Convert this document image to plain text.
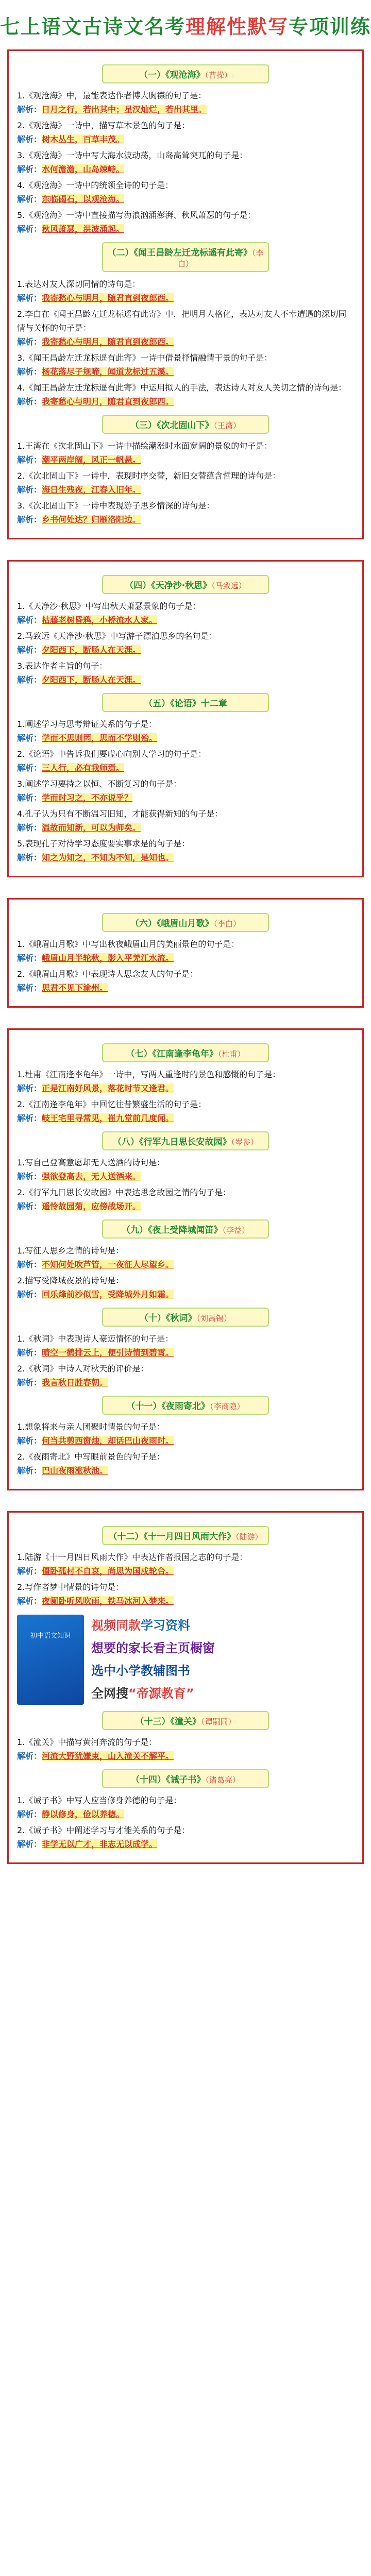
七上语文 古诗文名考 理解性默写 专项训练
（一）《观沧海》（曹操）

1.《观沧海》中，最能表达作者博大胸襟的句子是：

解析：日月之行，若出其中；星汉灿烂，若出其里。

2.《观沧海》一诗中，描写草木景色的句子是：

解析：树木丛生，百草丰茂。

3.《观沧海》一诗中写大海水波动荡，山岛高耸突兀的句子是：

解析：水何澹澹，山岛竦峙。

4.《观沧海》一诗中的统领全诗的句子是：

解析：东临碣石，以观沧海。

5.《观沧海》一诗中直接描写海浪汹涌澎湃、秋风萧瑟的句子是：

解析：秋风萧瑟，洪波涌起。

（二）《闻王昌龄左迁龙标遥有此寄》（李白）

1.表达对友人深切同情的诗句是：

解析：我寄愁心与明月，随君直到夜郎西。

2.李白在《闻王昌龄左迁龙标遥有此寄》中，把明月人格化，表达对友人不幸遭遇的深切同情与关怀的句子是：

解析：我寄愁心与明月，随君直到夜郎西。

3.《闻王昌龄左迁龙标遥有此寄》一诗中借景抒情融情于景的句子是：

解析：杨花落尽子规啼，闻道龙标过五溪。

4.《闻王昌龄左迁龙标遥有此寄》中运用拟人的手法，表达诗人对友人关切之情的诗句是：

解析：我寄愁心与明月，随君直到夜郎西。

（三）《次北固山下》（王湾）

1.王湾在《次北固山下》一诗中描绘潮涨时水面宽阔的景象的句子是：

解析：潮平两岸阔，风正一帆悬。

2.《次北固山下》一诗中，表现时序交替，新旧交替蕴含哲理的诗句是：

解析：海日生残夜，江春入旧年。

3.《次北固山下》一诗中表现游子思乡情深的诗句是：

解析：乡书何处达？归雁洛阳边。

（四）《天净沙·秋思》（马致远）

1.《天净沙·秋思》中写出秋天萧瑟景象的句子是：

解析：枯藤老树昏鸦，小桥流水人家。

2.马致远《天净沙·秋思》中写游子漂泊思乡的名句是：

解析：夕阳西下，断肠人在天涯。

3.表达作者主旨的句子：

解析：夕阳西下，断肠人在天涯。

（五）《论语》十二章

1.阐述学习与思考辩证关系的句子是：

解析：学而不思则罔，思而不学则殆。

2.《论语》中告诉我们要虚心向别人学习的句子是：

解析：三人行，必有我师焉。

3.阐述学习要持之以恒、不断复习的句子是：

解析：学而时习之，不亦说乎？

4.孔子认为只有不断温习旧知，才能获得新知的句子是：

解析：温故而知新，可以为师矣。

5.表现孔子对待学习态度要实事求是的句子是：

解析：知之为知之，不知为不知，是知也。

（六）《峨眉山月歌》（李白）

1.《峨眉山月歌》中写出秋夜峨眉山月的美丽景色的句子是：

解析：峨眉山月半轮秋，影入平羌江水流。

2.《峨眉山月歌》中表现诗人思念友人的句子是：

解析：思君不见下渝州。

（七）《江南逢李龟年》（杜甫）

1.杜甫《江南逢李龟年》一诗中，写两人重逢时的景色和感慨的句子是：

解析：正是江南好风景，落花时节又逢君。

2.《江南逢李龟年》中回忆往昔繁盛生活的句子是：

解析：岐王宅里寻常见，崔九堂前几度闻。

（八）《行军九日思长安故园》（岑参）

1.写自己登高意愿却无人送酒的诗句是：

解析：强欲登高去，无人送酒来。

2.《行军九日思长安故园》中表达思念故园之情的句子是：

解析：遥怜故园菊，应傍战场开。

（九）《夜上受降城闻笛》（李益）

1.写征人思乡之情的诗句是：

解析：不知何处吹芦管，一夜征人尽望乡。

2.描写受降城夜景的诗句是：

解析：回乐烽前沙似雪，受降城外月如霜。

（十）《秋词》（刘禹锡）

1.《秋词》中表现诗人豪迈情怀的句子是：

解析：晴空一鹤排云上，便引诗情到碧霄。

2.《秋词》中诗人对秋天的评价是：

解析：我言秋日胜春朝。

（十一）《夜雨寄北》（李商隐）

1.想象将来与亲人团聚时情景的句子是：

解析：何当共剪西窗烛，却话巴山夜雨时。

2.《夜雨寄北》中写眼前景色的句子是：

解析：巴山夜雨涨秋池。

（十二）《十一月四日风雨大作》（陆游）

1.陆游《十一月四日风雨大作》中表达作者报国之志的句子是：

解析：僵卧孤村不自哀，尚思为国戍轮台。

2.写作者梦中情景的诗句是：

解析：夜阑卧听风吹雨，铁马冰河入梦来。

初中语文知识
视频同款学习资料
想要的家长看主页橱窗
选中小学教辅图书
全网搜“帝源教育”
（十三）《潼关》（谭嗣同）

1.《潼关》中描写黄河奔流的句子是：

解析：河流大野犹嫌束，山入潼关不解平。

（十四）《诫子书》（诸葛亮）

1.《诫子书》中写人应当修身养德的句子是：

解析：静以修身，俭以养德。

2.《诫子书》中阐述学习与才能关系的句子是：

解析：非学无以广才，非志无以成学。
